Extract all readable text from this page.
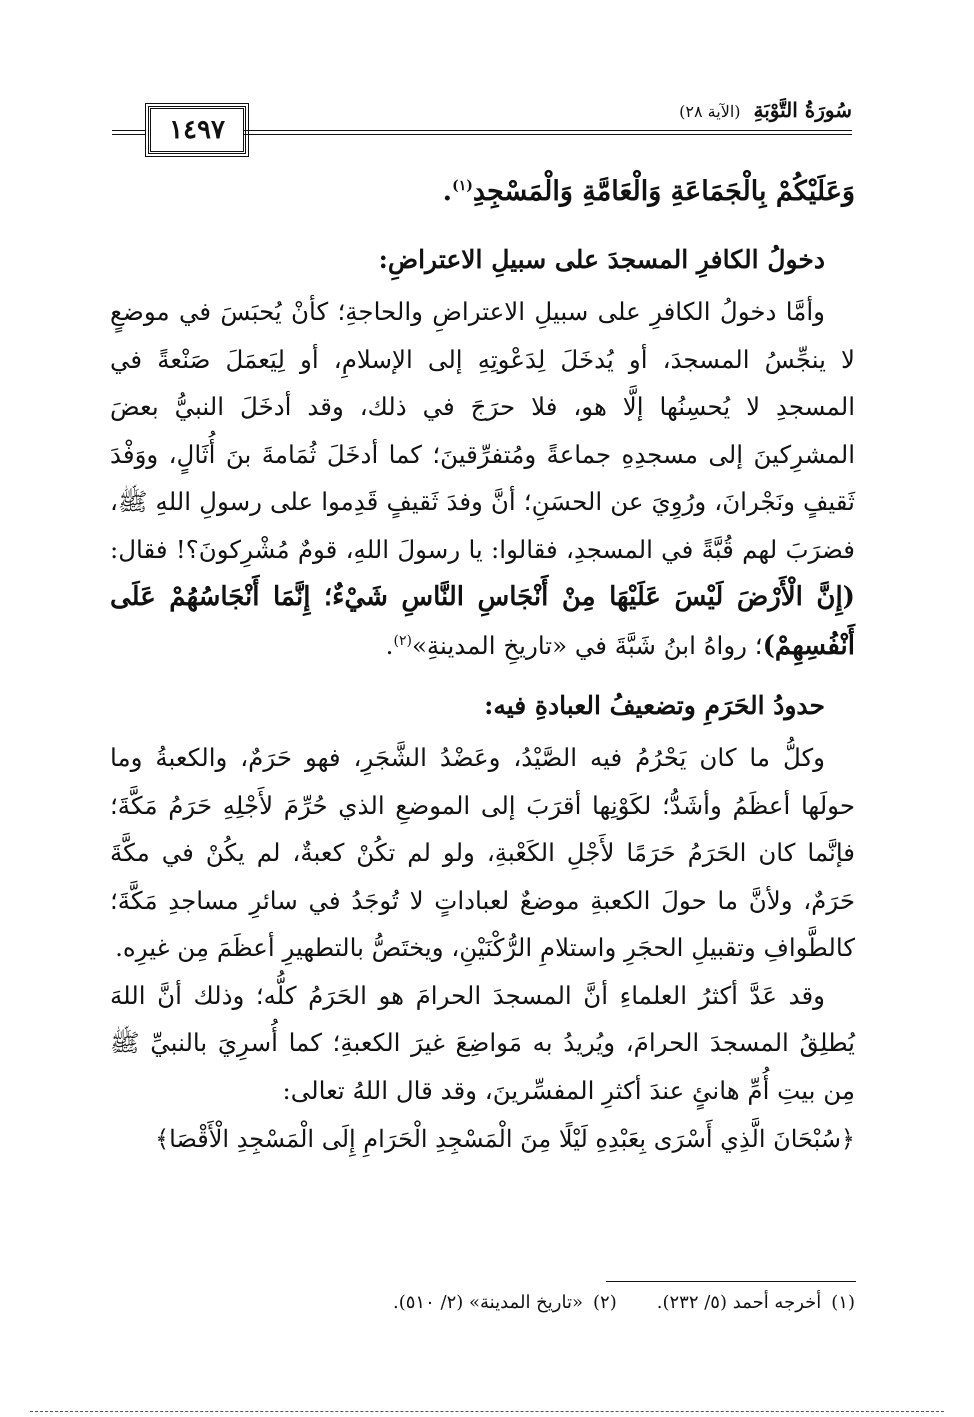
١٤٩٧
سُورَةُ التَّوْبَةِ (الآية ٢٨)
وَعَلَيْكُمْ بِالْجَمَاعَةِ وَالْعَامَّةِ وَالْمَسْجِدِ$^{(١)}$.
دخولُ الكافرِ المسجدَ على سبيلِ الاعتراضِ:

وأمَّا دخولُ الكافرِ على سبيلِ الاعتراضِ والحاجةِ؛ كأنْ يُحبَسَ في موضعٍ لا ينجِّسُ المسجدَ، أو يُدخَلَ لِدَعْوتِهِ إلى الإسلامِ، أو لِيَعمَلَ صَنْعةً في المسجدِ لا يُحسِنُها إلَّا هو، فلا حرَجَ في ذلك، وقد أدخَلَ النبيُّ بعضَ المشرِكينَ إلى مسجدِهِ جماعةً ومُتفرِّقينَ؛ كما أدخَلَ ثُمَامةَ بنَ أُثَالٍ، ووَفْدَ ثَقيفٍ ونَجْرانَ، ورُوِيَ عن الحسَنِ؛ أنَّ وفدَ ثَقيفٍ قَدِموا على رسولِ اللهِ ﷺ، فضرَبَ لهم قُبَّةً في المسجدِ، فقالوا: يا رسولَ اللهِ، قومٌ مُشْرِكونَ؟! فقال: (إِنَّ الْأَرْضَ لَيْسَ عَلَيْهَا مِنْ أَنْجَاسِ النَّاسِ شَيْءٌ؛ إِنَّمَا أَنْجَاسُهُمْ عَلَى أَنْفُسِهِمْ)؛ رواهُ ابنُ شَبَّةَ في «تاريخِ المدينةِ»$^{(٢)}$.

حدودُ الحَرَمِ وتضعيفُ العبادةِ فيه:

وكلُّ ما كان يَحْرُمُ فيه الصَّيْدُ، وعَضْدُ الشَّجَرِ، فهو حَرَمٌ، والكعبةُ وما حولَها أعظَمُ وأشَدُّ؛ لكَوْنِها أقرَبَ إلى الموضعِ الذي حُرِّمَ لأَجْلِهِ حَرَمُ مَكَّةَ؛ فإنَّما كان الحَرَمُ حَرَمًا لأَجْلِ الكَعْبةِ، ولو لم تكُنْ كعبةٌ، لم يكُنْ في مكَّةَ حَرَمٌ، ولأنَّ ما حولَ الكعبةِ موضعٌ لعباداتٍ لا تُوجَدُ في سائرِ مساجدِ مَكَّةَ؛ كالطَّوافِ وتقبيلِ الحجَرِ واستلامِ الرُّكْنَيْنِ، ويختَصُّ بالتطهيرِ أعظَمَ مِن غيرِه.

وقد عَدَّ أكثرُ العلماءِ أنَّ المسجدَ الحرامَ هو الحَرَمُ كلُّه؛ وذلك أنَّ اللهَ يُطلِقُ المسجدَ الحرامَ، ويُريدُ به مَواضِعَ غيرَ الكعبةِ؛ كما أُسرِيَ بالنبيِّ ﷺ مِن بيتِ أُمِّ هانئٍ عندَ أكثرِ المفسِّرينَ، وقد قال اللهُ تعالى:

﴿سُبْحَانَ الَّذِي أَسْرَى بِعَبْدِهِ لَيْلًا مِنَ الْمَسْجِدِ الْحَرَامِ إِلَى الْمَسْجِدِ الْأَقْصَا﴾
(١)أخرجه أحمد (٥/ ٢٣٢).
(٢)«تاريخ المدينة» (٢/ ٥١٠).
